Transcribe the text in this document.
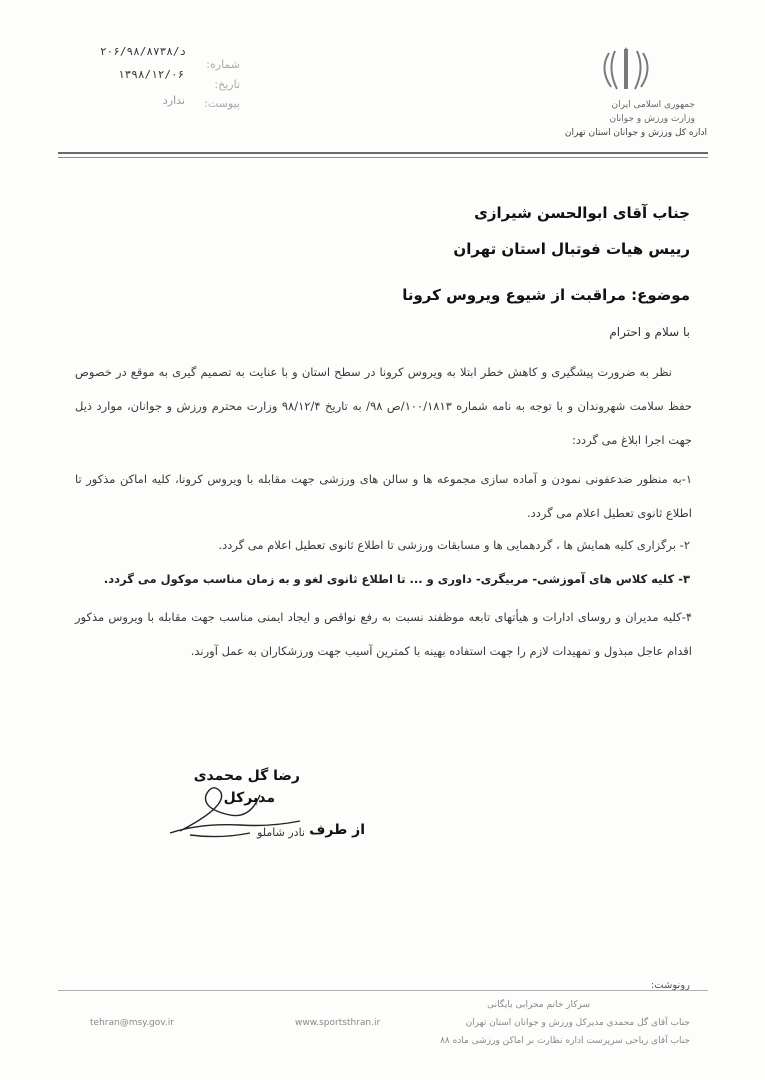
جمهوری اسلامی ایران
وزارت ورزش و جوانان
اداره کل ورزش و جوانان استان تهران
شماره:
۲۰۶/۹۸/د/۸۷۳۸
تاریخ:
۱۳۹۸/۱۲/۰۶
پیوست:
ندارد
جناب آقای ابوالحسن شیرازی
رییس هیات فوتبال استان تهران
موضوع: مراقبت از شیوع ویروس کرونا
با سلام و احترام
نظر به ضرورت پیشگیری و کاهش خطر ابتلا به ویروس کرونا در سطح استان و با عنایت به تصمیم گیری به موقع در خصوص حفظ سلامت شهروندان و با توجه به نامه شماره ۱۰۰/۱۸۱۳/ص ۹۸/ به تاریخ ۹۸/۱۲/۴ وزارت محترم ورزش و جوانان، موارد ذیل جهت اجرا ابلاغ می گردد:
۱-به منظور ضدعفونی نمودن و آماده سازی مجموعه ها و سالن های ورزشی جهت مقابله با ویروس کرونا، کلیه اماکن مذکور تا اطلاع ثانوی تعطیل اعلام می گردد.
۲- برگزاری کلیه همایش ها ، گردهمایی ها و مسابقات ورزشی تا اطلاع ثانوی تعطیل اعلام می گردد.
۳- کلیه کلاس های آموزشی- مربیگری- داوری و ... تا اطلاع ثانوی لغو و به زمان مناسب موکول می گردد.
۴-کلیه مدیران و روسای ادارات و هیأتهای تابعه موظفند نسبت به رفع نواقص و ایجاد ایمنی مناسب جهت مقابله با ویروس مذکور اقدام عاجل مبذول و تمهیدات لازم را جهت استفاده بهینه با کمترین آسیب جهت ورزشکاران به عمل آورند.
رضا گل محمدی
مدیرکل
از طرف
نادر شاملو
رونوشت:
سرکار خانم محرابی بایگانی
جناب آقای گل محمدی مدیرکل ورزش و جوانان استان تهران
جناب آقای ریاحی سرپرست اداره نظارت بر اماکن ورزشی ماده ۸۸
www.sportsthran.ir
tehran@msy.gov.ir
